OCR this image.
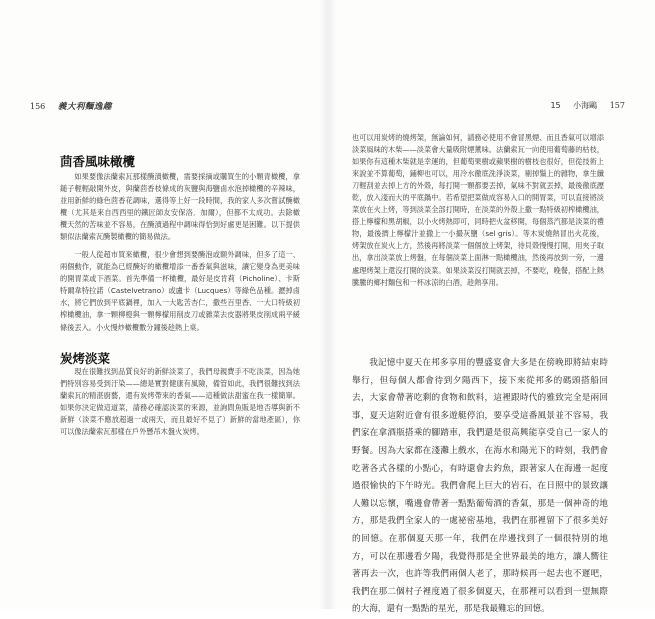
156 義大利麵逸趣
茴香風味橄欖

如果要像法蘭索瓦那樣醃漬橄欖，需要採摘或購買生的小顆青橄欖，拿鎚子輕輕敲開外皮，與蘭茴香枝條成的灰鹽與海鹽鹵水泡掉橄欖的辛辣味，並用新鮮的綠色茴香花調味，選得等上好一段時間，我的家人多次嘗試醃橄欖（尤其是來自西西里的鐵匠師友安保洛．加爾），但都不太成功。去除橄欖天然的苦味並不容易，在醃漬過程中調味得恰到好處更是困難。以下提供類似法蘭索瓦醃製橄欖的簡易做法。

一般人從超市買來橄欖，很少會想到要醃泡或額外調味，但多了這一、兩個動作，就能為已經醃好的橄欖增添一番香氣與滋味，讓它變身為更美味的開胃菜或下酒菜。首先準備一杯橄欖，最好是皮肯莉（Picholine）、卡斯特爾韋特拉諾（Castelvetrano）或盧卡（Lucques）等綠色品種。瀝掉鹵水，將它們放到平底鍋裡，加入一大匙苦杏仁，撒些百里香、一大口特級初榨橄欖油，拿一顆柳橙與一顆檸檬用削皮刀或雜菜去皮器將果皮削成兩平緩條後丟入。小火慢炒橄欖數分鐘後趁熱上桌。

炭烤淡菜

現在很難找到品質良好的新鮮淡菜了，我們母親費手不吃淡菜，因為她們特別容易受到汙染——總是實對健康有風險，備管如此，我們很難找到法蘭索瓦的精湛廚藝，還有炭烤帶來的香氣——這種做法甜蜜在我一樣簡單。如果你決定做這道菜，請務必確認淡菜的來源，並詢問魚販是地否導與新不新鮮（淡菜不應放超過一或兩天，而且最好不見了）新鮮的當地產區），你可以像法蘭索瓦那樣在戶外懸吊木盤火炭烤。

15 小海鷗 157

也可以用炭烤的燒烤架，無論如何，請務必使用不會冒黑煙、而且香氣可以增添淡菜風味的木柴——淡菜會大量吸附煙薰味。法蘭索瓦一向使用葡萄藤的枯枝，如果你有這種木柴就是幸運的，但葡萄果樹或蘋果樹的樹枝也很好，但從技術上來說並不算葡萄，鋪柳也可以，用冷水徹底洗淨淡菜，剔掉鬚上的雜物，拿生纖刀輕刮並去掉上方的外殼，每打開一顆都要丟掉，氣味不對就丟掉，最後徹底瀝乾，放入淺而大的平底鍋中。若希望把菜做成容易入口的開胃菜，可以直接將淡菜放在火上烤，等到淡菜全部打開時，在淡菜的外殼上撒一點特級初榨橄欖油，搭上檸檬和黑胡椒，以小火烤熱即可，同時把火盆移開，每個蒸汽都是淡菜的禮物，最後擠上檸檬汁並撒上一小撮灰鹽（sel gris）。等木炭燒熱冒出火花後，烤架放在炭火上方，然後再將淡菜一個個放上烤架，待貝殼慢慢打開，用夾子取出，拿出淡菜放上烤盤，在每個淡菜上面淋一點橄欖油，然後再放到一旁，一邊處理烤架上還沒打開的淡菜。如果淡菜沒打開就丟掉，不要吃，晚餐，搭配上熱騰騰的鄉村麵包和一杯冰涼的白酒，趁熱享用。

我記憶中夏天在邦多享用的豐盛宴會大多是在傍晚即將結束時舉行，但每個人都會待到夕陽西下，接下來從邦多的碼頭搭船回去，大家會帶著吃剩的食物和飲料，這裡跟時代的雅致完全是兩回事，夏天這附近會有很多遊艇停泊，要享受這番風景並不容易，我們家在拿酒瓶搭乘的腳踏車，我們還是很高興能享受自己一家人的野餐。因為大家都在淺灘上戲水，在海水和陽光下的時刻，我們會吃著各式各樣的小點心，有時還會去釣魚，跟著家人在海邊一起度過很愉快的下午時光。我們會爬上巨大的岩石，在日照中的景致讓人難以忘懷，嘴邊會帶著一點點葡萄酒的香氣，那是一個神奇的地方，那是我們全家人的一處祕密基地，我們在那裡留下了很多美好的回憶。在那個夏天那一年，我們在岸邊找到了一個很特別的地方，可以在那邊看夕陽，我覺得那是全世界最美的地方，讓人嚮往著再去一次，也許等我們兩個人老了，那時候再一起去也不遲吧，我們在那二個村子裡度過了很多個夏天，在那裡可以看到一望無際的大海，還有一點點的星光，那是我最難忘的回憶。
